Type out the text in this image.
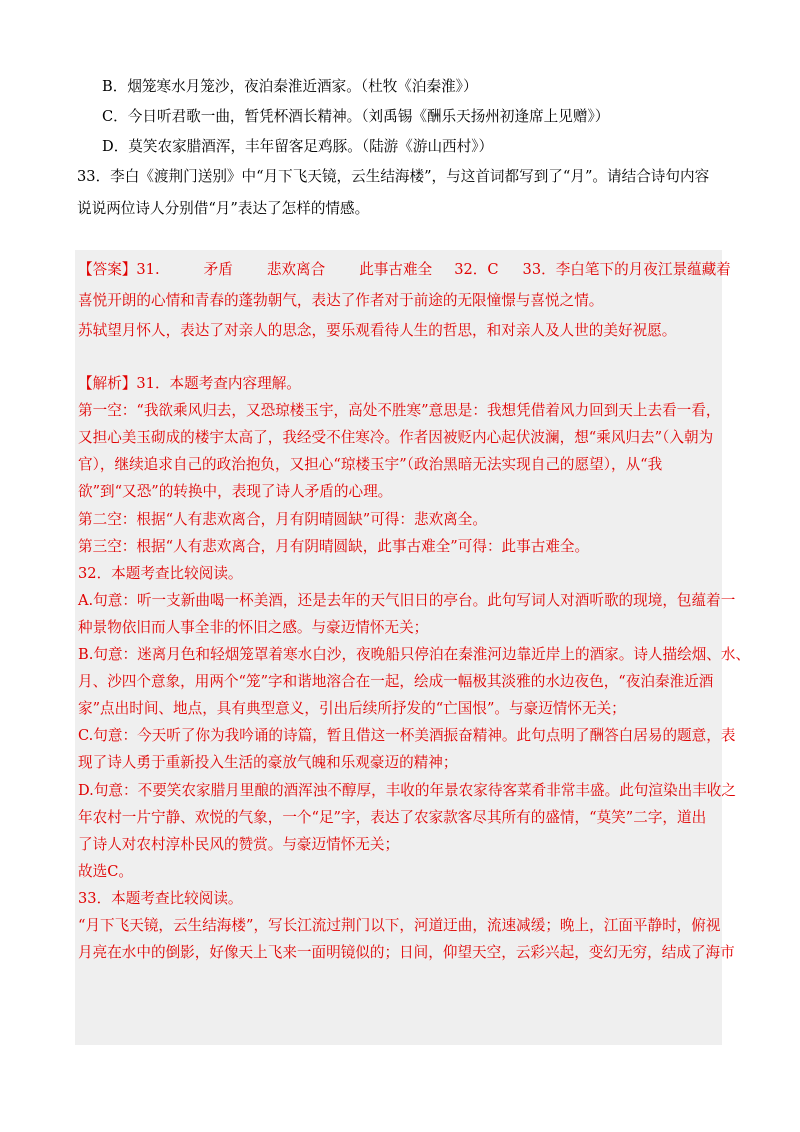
B．烟笼寒水月笼沙，夜泊秦淮近酒家。（杜牧《泊秦淮》）
C．今日听君歌一曲，暂凭杯酒长精神。（刘禹锡《酬乐天扬州初逢席上见赠》）
D．莫笑农家腊酒浑，丰年留客足鸡豚。（陆游《游山西村》）
33．李白《渡荆门送别》中“月下飞天镜，云生结海楼”，与这首词都写到了“月”。请结合诗句内容
说说两位诗人分别借“月”表达了怎样的情感。
【答案】31.	矛盾 悲欢离合 此事古难全 32．C 33．李白笔下的月夜江景蕴藏着
喜悦开朗的心情和青春的蓬勃朝气，表达了作者对于前途的无限憧憬与喜悦之情。
苏轼望月怀人，表达了对亲人的思念，要乐观看待人生的哲思，和对亲人及人世的美好祝愿。
【解析】31．本题考查内容理解。
第一空：“我欲乘风归去，又恐琼楼玉宇，高处不胜寒”意思是：我想凭借着风力回到天上去看一看，
又担心美玉砌成的楼宇太高了，我经受不住寒冷。作者因被贬内心起伏波澜，想“乘风归去”（入朝为
官），继续追求自己的政治抱负，又担心“琼楼玉宇”（政治黑暗无法实现自己的愿望），从“我
欲”到“又恐”的转换中，表现了诗人矛盾的心理。
第二空：根据“人有悲欢离合，月有阴晴圆缺”可得：悲欢离全。
第三空：根据“人有悲欢离合，月有阴晴圆缺，此事古难全”可得：此事古难全。
32．本题考查比较阅读。
A.句意：听一支新曲喝一杯美酒，还是去年的天气旧日的亭台。此句写词人对酒听歌的现境，包蕴着一
种景物依旧而人事全非的怀旧之感。与豪迈情怀无关；
B.句意：迷离月色和轻烟笼罩着寒水白沙，夜晚船只停泊在秦淮河边靠近岸上的酒家。诗人描绘烟、水、
月、沙四个意象，用两个“笼”字和谐地溶合在一起，绘成一幅极其淡雅的水边夜色，“夜泊秦淮近酒
家”点出时间、地点，具有典型意义，引出后续所抒发的“亡国恨”。与豪迈情怀无关；
C.句意：今天听了你为我吟诵的诗篇，暂且借这一杯美酒振奋精神。此句点明了酬答白居易的题意，表
现了诗人勇于重新投入生活的豪放气魄和乐观豪迈的精神；
D.句意：不要笑农家腊月里酿的酒浑浊不醇厚，丰收的年景农家待客菜肴非常丰盛。此句渲染出丰收之
年农村一片宁静、欢悦的气象，一个“足”字，表达了农家款客尽其所有的盛情，“莫笑”二字，道出
了诗人对农村淳朴民风的赞赏。与豪迈情怀无关；
故选C。
33．本题考查比较阅读。
“月下飞天镜，云生结海楼”，写长江流过荆门以下，河道迂曲，流速减缓；晚上，江面平静时，俯视
月亮在水中的倒影，好像天上飞来一面明镜似的；日间，仰望天空，云彩兴起，变幻无穷，结成了海市
